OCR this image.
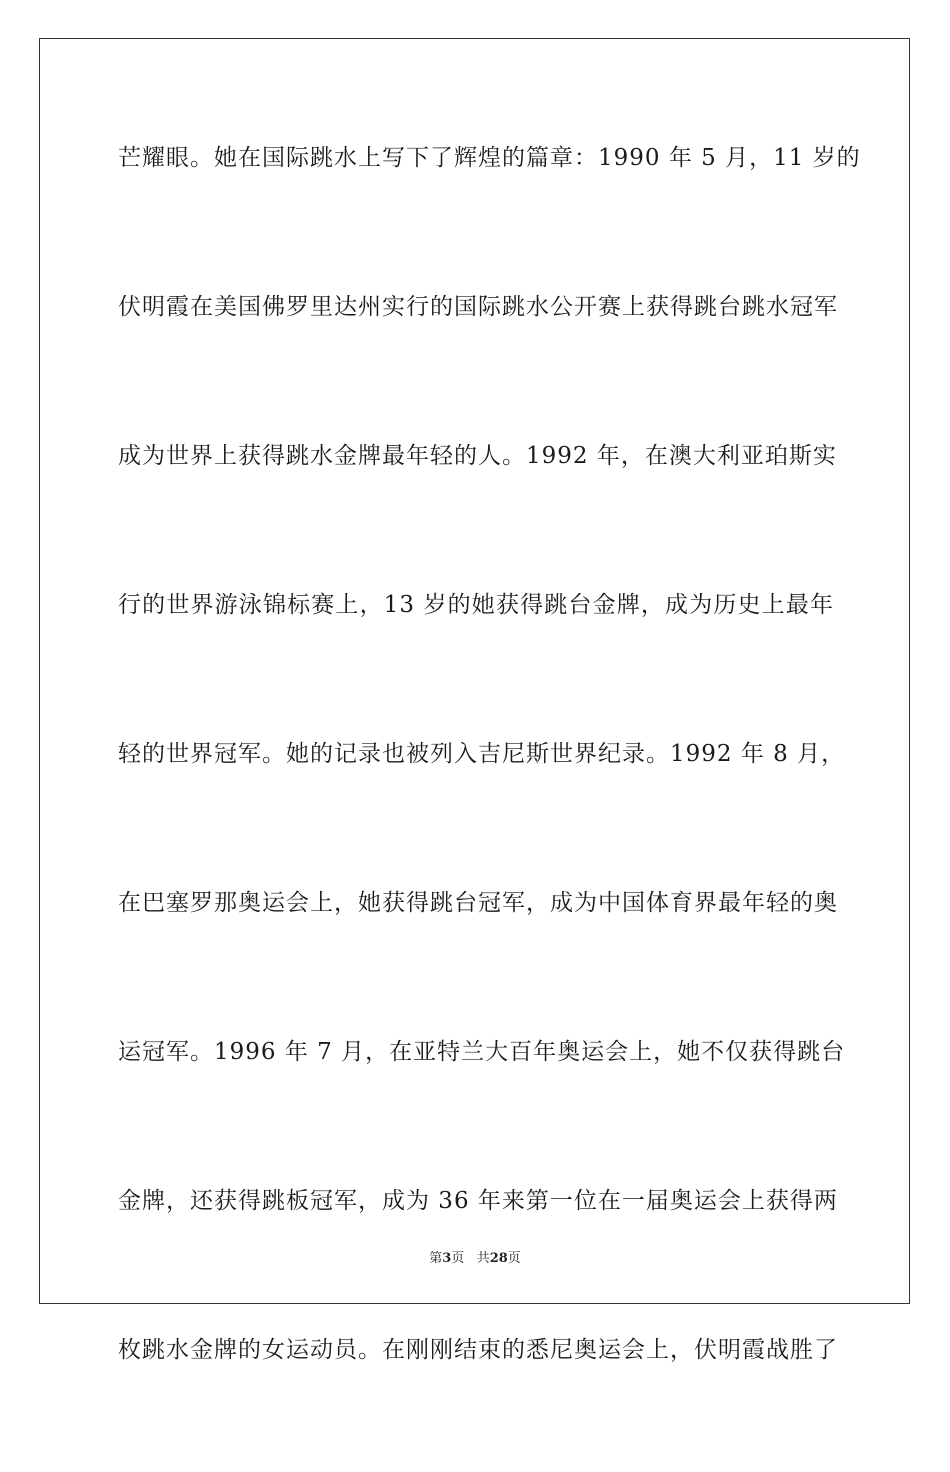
芒耀眼。她在国际跳水上写下了辉煌的篇章：1990 年 5 月，11 岁的
伏明霞在美国佛罗里达州实行的国际跳水公开赛上获得跳台跳水冠军
成为世界上获得跳水金牌最年轻的人。1992 年，在澳大利亚珀斯实
行的世界游泳锦标赛上，13 岁的她获得跳台金牌，成为历史上最年
轻的世界冠军。她的记录也被列入吉尼斯世界纪录。1992 年 8 月，
在巴塞罗那奥运会上，她获得跳台冠军，成为中国体育界最年轻的奥
运冠军。1996 年 7 月，在亚特兰大百年奥运会上，她不仅获得跳台
金牌，还获得跳板冠军，成为 36 年来第一位在一届奥运会上获得两
枚跳水金牌的女运动员。在刚刚结束的悉尼奥运会上，伏明霞战胜了
第3页 共28页
